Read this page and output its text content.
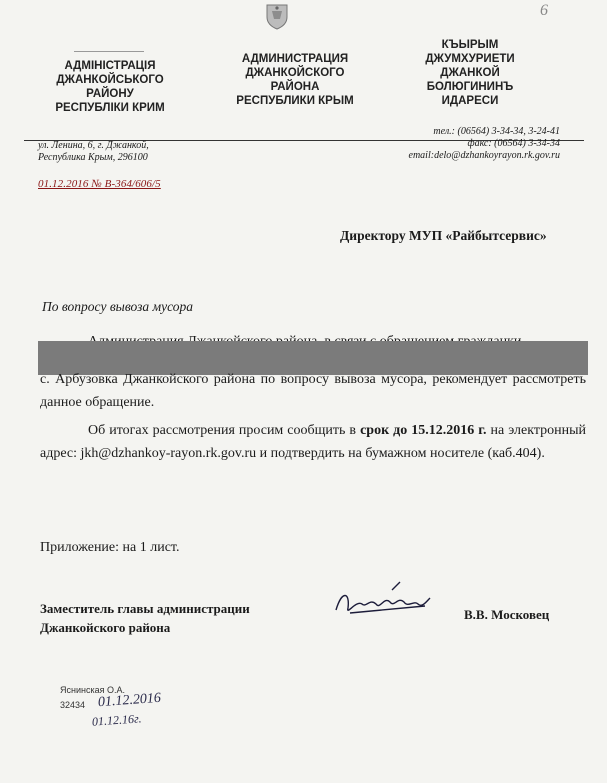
6
АДМІНІСТРАЦІЯ
ДЖАНКОЙСЬКОГО
РАЙОНУ
РЕСПУБЛІКИ КРИМ
АДМИНИСТРАЦИЯ
ДЖАНКОЙСКОГО
РАЙОНА
РЕСПУБЛИКИ КРЫМ
КЪЫРЫМ
ДЖУМХУРИЕТИ
ДЖАНКОЙ
БОЛЮГИНИНЪ
ИДАРЕСИ
ул. Ленина, 6, г. Джанкой,
Республика Крым, 296100
тел.: (06564) 3-34-34, 3-24-41
факс: (06564) 3-34-34
email:delo@dzhankoyrayon.rk.gov.ru
01.12.2016 № В-364/606/5
Директору МУП «Райбытсервис»
По вопросу вывоза мусора
с. Арбузовка Джанкойского района по вопросу вывоза мусора, рекомендует рассмотреть данное обращение.
Об итогах рассмотрения просим сообщить в срок до 15.12.2016 г. на электронный адрес: jkh@dzhankoy-rayon.rk.gov.ru и подтвердить на бумажном носителе (каб.404).
Приложение: на 1 лист.
Заместитель главы администрации
Джанкойского района
В.В. Московец
Яснинская О.А.
32434 01.12.2016
01.12.16г.
